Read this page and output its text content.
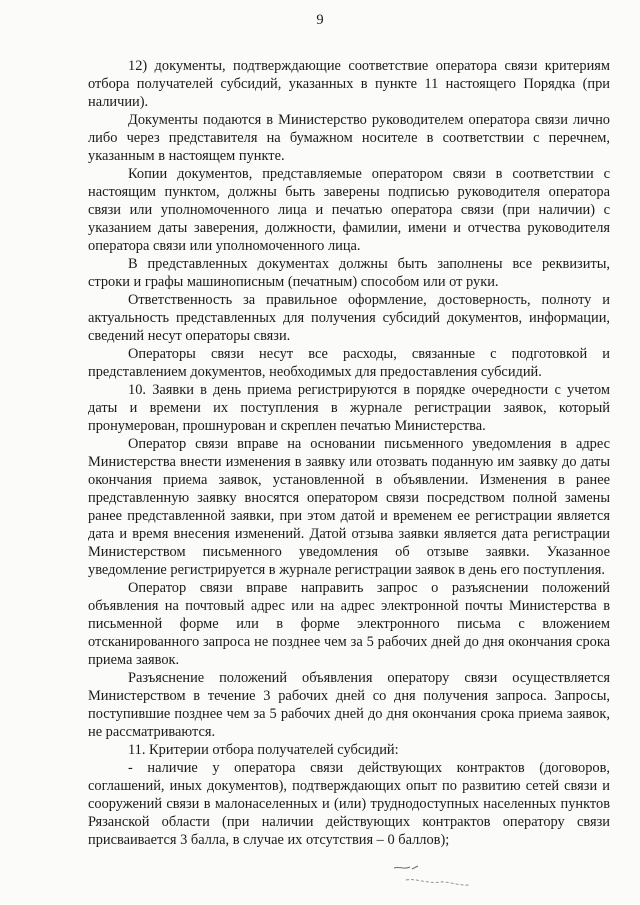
9

12) документы, подтверждающие соответствие оператора связи критериям отбора получателей субсидий, указанных в пункте 11 настоящего Порядка (при наличии).

Документы подаются в Министерство руководителем оператора связи лично либо через представителя на бумажном носителе в соответствии с перечнем, указанным в настоящем пункте.

Копии документов, представляемые оператором связи в соответствии с настоящим пунктом, должны быть заверены подписью руководителя оператора связи или уполномоченного лица и печатью оператора связи (при наличии) с указанием даты заверения, должности, фамилии, имени и отчества руководителя оператора связи или уполномоченного лица.

В представленных документах должны быть заполнены все реквизиты, строки и графы машинописным (печатным) способом или от руки.

Ответственность за правильное оформление, достоверность, полноту и актуальность представленных для получения субсидий документов, информации, сведений несут операторы связи.

Операторы связи несут все расходы, связанные с подготовкой и представлением документов, необходимых для предоставления субсидий.

10. Заявки в день приема регистрируются в порядке очередности с учетом даты и времени их поступления в журнале регистрации заявок, который пронумерован, прошнурован и скреплен печатью Министерства.

Оператор связи вправе на основании письменного уведомления в адрес Министерства внести изменения в заявку или отозвать поданную им заявку до даты окончания приема заявок, установленной в объявлении. Изменения в ранее представленную заявку вносятся оператором связи посредством полной замены ранее представленной заявки, при этом датой и временем ее регистрации является дата и время внесения изменений. Датой отзыва заявки является дата регистрации Министерством письменного уведомления об отзыве заявки. Указанное уведомление регистрируется в журнале регистрации заявок в день его поступления.

Оператор связи вправе направить запрос о разъяснении положений объявления на почтовый адрес или на адрес электронной почты Министерства в письменной форме или в форме электронного письма с вложением отсканированного запроса не позднее чем за 5 рабочих дней до дня окончания срока приема заявок.

Разъяснение положений объявления оператору связи осуществляется Министерством в течение 3 рабочих дней со дня получения запроса. Запросы, поступившие позднее чем за 5 рабочих дней до дня окончания срока приема заявок, не рассматриваются.

11. Критерии отбора получателей субсидий:

- наличие у оператора связи действующих контрактов (договоров, соглашений, иных документов), подтверждающих опыт по развитию сетей связи и сооружений связи в малонаселенных и (или) труднодоступных населенных пунктов Рязанской области (при наличии действующих контрактов оператору связи присваивается 3 балла, в случае их отсутствия – 0 баллов);
